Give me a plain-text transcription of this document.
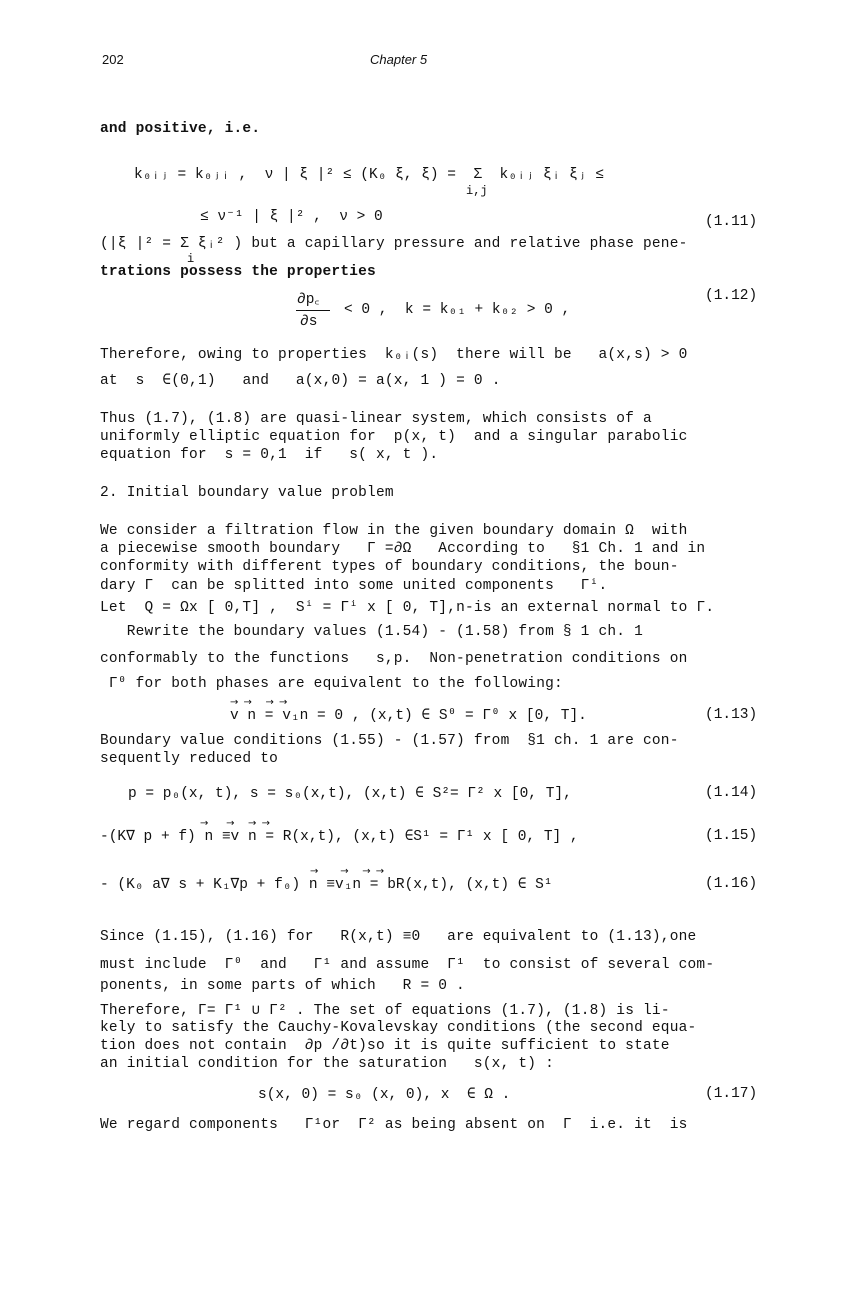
202	Chapter 5
and positive, i.e.
k₀ᵢⱼ = k₀ⱼᵢ ,  ν | ξ |² ≤ (K₀ ξ, ξ) =  Σ  k₀ᵢⱼ ξᵢ ξⱼ ≤
i,j
≤ ν⁻¹ | ξ |² ,  ν > 0	(1.11)
(|ξ |² = Σ ξᵢ² ) but a capillary pressure and relative phase pene-
i
trations possess the properties
∂p꜀
∂s
< 0 ,  k = k₀₁ + k₀₂ > 0 ,
(1.12)
Therefore, owing to properties  k₀ᵢ(s)  there will be   a(x,s) > 0
at  s  ∈(0,1)   and   a(x,0) = a(x, 1 ) = 0 .
Thus (1.7), (1.8) are quasi-linear system, which consists of a
uniformly elliptic equation for  p(x, t)  and a singular parabolic
equation for  s = 0,1  if   s( x, t ).
2. Initial boundary value problem
We consider a filtration flow in the given boundary domain Ω  with
a piecewise smooth boundary   Γ =∂Ω   According to   §1 Ch. 1 and in
conformity with different types of boundary conditions, the boun-
dary Γ  can be splitted into some united components   Γⁱ.
Let  Q = Ωx [ 0,T] ,  Sⁱ = Γⁱ x [ 0, T],n-is an external normal to Γ.
Rewrite the boundary values (1.54) - (1.58) from § 1 ch. 1
conformably to the functions   s,p.  Non-penetration conditions on
Γ⁰ for both phases are equivalent to the following:
→ →   → →
v n = v₁n = 0 , (x,t) ∈ S⁰ = Γ⁰ x [0, T].	(1.13)
Boundary value conditions (1.55) - (1.57) from  §1 ch. 1 are con-
sequently reduced to
p = p₀(x, t), s = s₀(x,t), (x,t) ∈ S²= Γ² x [0, T],	(1.14)
→    →   → →
-(K∇ p + f) n ≡v n = R(x,t), (x,t) ∈S¹ = Γ¹ x [ 0, T] ,	(1.15)
→     →   → →
- (K₀ a∇ s + K₁∇p + f₀) n ≡v₁n = bR(x,t), (x,t) ∈ S¹	(1.16)
Since (1.15), (1.16) for   R(x,t) ≡0   are equivalent to (1.13),one
must include  Γ⁰  and   Γ¹ and assume  Γ¹  to consist of several com-
ponents, in some parts of which   R = 0 .
Therefore, Γ= Γ¹ ∪ Γ² . The set of equations (1.7), (1.8) is li-
kely to satisfy the Cauchy-Kovalevskay conditions (the second equa-
tion does not contain  ∂p /∂t)so it is quite sufficient to state
an initial condition for the saturation   s(x, t) :
s(x, 0) = s₀ (x, 0), x  ∈ Ω .	(1.17)
We regard components   Γ¹or  Γ² as being absent on  Γ  i.e. it  is
